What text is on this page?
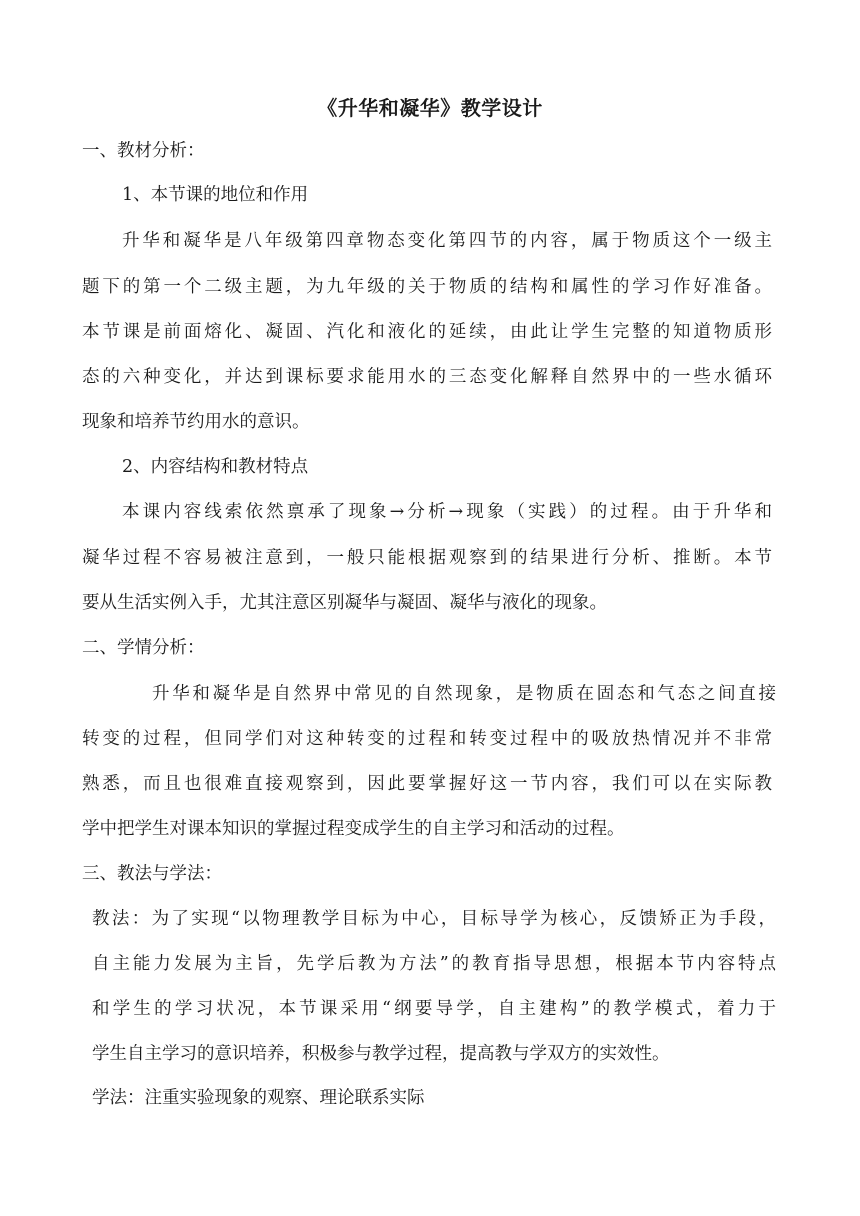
《升华和凝华》教学设计
一、教材分析：
1、本节课的地位和作用
升华和凝华是八年级第四章物态变化第四节的内容，属于物质这个一级主
题下的第一个二级主题，为九年级的关于物质的结构和属性的学习作好准备。
本节课是前面熔化、凝固、汽化和液化的延续，由此让学生完整的知道物质形
态的六种变化，并达到课标要求能用水的三态变化解释自然界中的一些水循环
现象和培养节约用水的意识。
2、内容结构和教材特点
本课内容线索依然禀承了现象→分析→现象（实践）的过程。由于升华和
凝华过程不容易被注意到，一般只能根据观察到的结果进行分析、推断。本节
要从生活实例入手，尤其注意区别凝华与凝固、凝华与液化的现象。
二、学情分析：
升华和凝华是自然界中常见的自然现象，是物质在固态和气态之间直接
转变的过程，但同学们对这种转变的过程和转变过程中的吸放热情况并不非常
熟悉，而且也很难直接观察到，因此要掌握好这一节内容，我们可以在实际教
学中把学生对课本知识的掌握过程变成学生的自主学习和活动的过程。
三、教法与学法：
教法：为了实现“以物理教学目标为中心，目标导学为核心，反馈矫正为手段，
自主能力发展为主旨，先学后教为方法”的教育指导思想，根据本节内容特点
和学生的学习状况，本节课采用“纲要导学，自主建构”的教学模式，着力于
学生自主学习的意识培养，积极参与教学过程，提高教与学双方的实效性。
学法：注重实验现象的观察、理论联系实际
